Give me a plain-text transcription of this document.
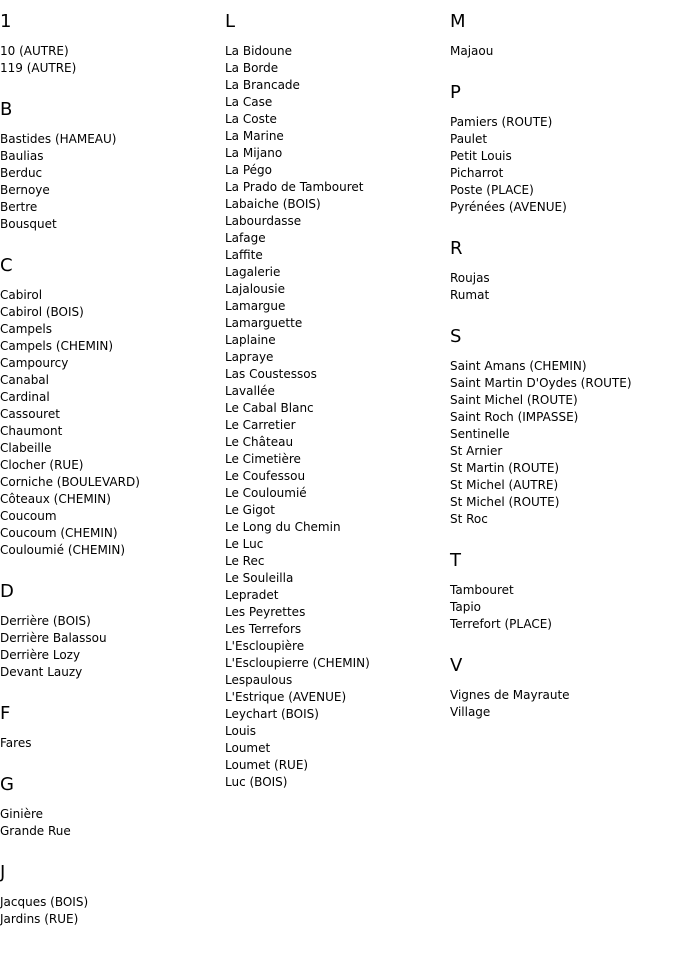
1
10 (AUTRE)
119 (AUTRE)
B
Bastides (HAMEAU)
Baulias
Berduc
Bernoye
Bertre
Bousquet
C
Cabirol
Cabirol (BOIS)
Campels
Campels (CHEMIN)
Campourcy
Canabal
Cardinal
Cassouret
Chaumont
Clabeille
Clocher (RUE)
Corniche (BOULEVARD)
Côteaux (CHEMIN)
Coucoum
Coucoum (CHEMIN)
Couloumié (CHEMIN)
D
Derrière (BOIS)
Derrière Balassou
Derrière Lozy
Devant Lauzy
F
Fares
G
Ginière
Grande Rue
J
Jacques (BOIS)
Jardins (RUE)
L
La Bidoune
La Borde
La Brancade
La Case
La Coste
La Marine
La Mijano
La Pégo
La Prado de Tambouret
Labaiche (BOIS)
Labourdasse
Lafage
Laffite
Lagalerie
Lajalousie
Lamargue
Lamarguette
Laplaine
Lapraye
Las Coustessos
Lavallée
Le Cabal Blanc
Le Carretier
Le Château
Le Cimetière
Le Coufessou
Le Couloumié
Le Gigot
Le Long du Chemin
Le Luc
Le Rec
Le Souleilla
Lepradet
Les Peyrettes
Les Terrefors
L'Escloupière
L'Escloupierre (CHEMIN)
Lespaulous
L'Estrique (AVENUE)
Leychart (BOIS)
Louis
Loumet
Loumet (RUE)
Luc (BOIS)
M
Majaou
P
Pamiers (ROUTE)
Paulet
Petit Louis
Picharrot
Poste (PLACE)
Pyrénées (AVENUE)
R
Roujas
Rumat
S
Saint Amans (CHEMIN)
Saint Martin D'Oydes (ROUTE)
Saint Michel (ROUTE)
Saint Roch (IMPASSE)
Sentinelle
St Arnier
St Martin (ROUTE)
St Michel (AUTRE)
St Michel (ROUTE)
St Roc
T
Tambouret
Tapio
Terrefort (PLACE)
V
Vignes de Mayraute
Village
